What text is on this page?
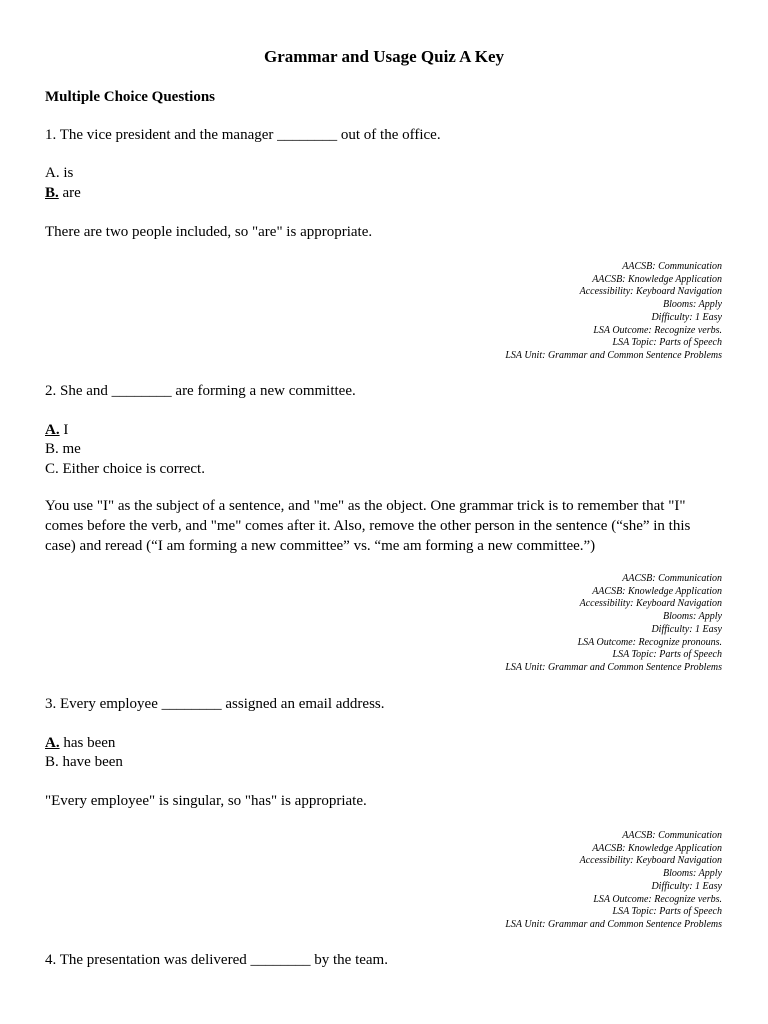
Grammar and Usage Quiz A Key
Multiple Choice Questions
1. The vice president and the manager ________ out of the office.
A. is
B. are
There are two people included, so "are" is appropriate.
AACSB: Communication
AACSB: Knowledge Application
Accessibility: Keyboard Navigation
Blooms: Apply
Difficulty: 1 Easy
LSA Outcome: Recognize verbs.
LSA Topic: Parts of Speech
LSA Unit: Grammar and Common Sentence Problems
2. She and ________ are forming a new committee.
A. I
B. me
C. Either choice is correct.
You use "I" as the subject of a sentence, and "me" as the object. One grammar trick is to remember that "I" comes before the verb, and "me" comes after it. Also, remove the other person in the sentence (“she” in this case) and reread (“I am forming a new committee” vs. “me am forming a new committee.”)
AACSB: Communication
AACSB: Knowledge Application
Accessibility: Keyboard Navigation
Blooms: Apply
Difficulty: 1 Easy
LSA Outcome: Recognize pronouns.
LSA Topic: Parts of Speech
LSA Unit: Grammar and Common Sentence Problems
3. Every employee ________ assigned an email address.
A. has been
B. have been
"Every employee" is singular, so "has" is appropriate.
AACSB: Communication
AACSB: Knowledge Application
Accessibility: Keyboard Navigation
Blooms: Apply
Difficulty: 1 Easy
LSA Outcome: Recognize verbs.
LSA Topic: Parts of Speech
LSA Unit: Grammar and Common Sentence Problems
4. The presentation was delivered ________ by the team.
